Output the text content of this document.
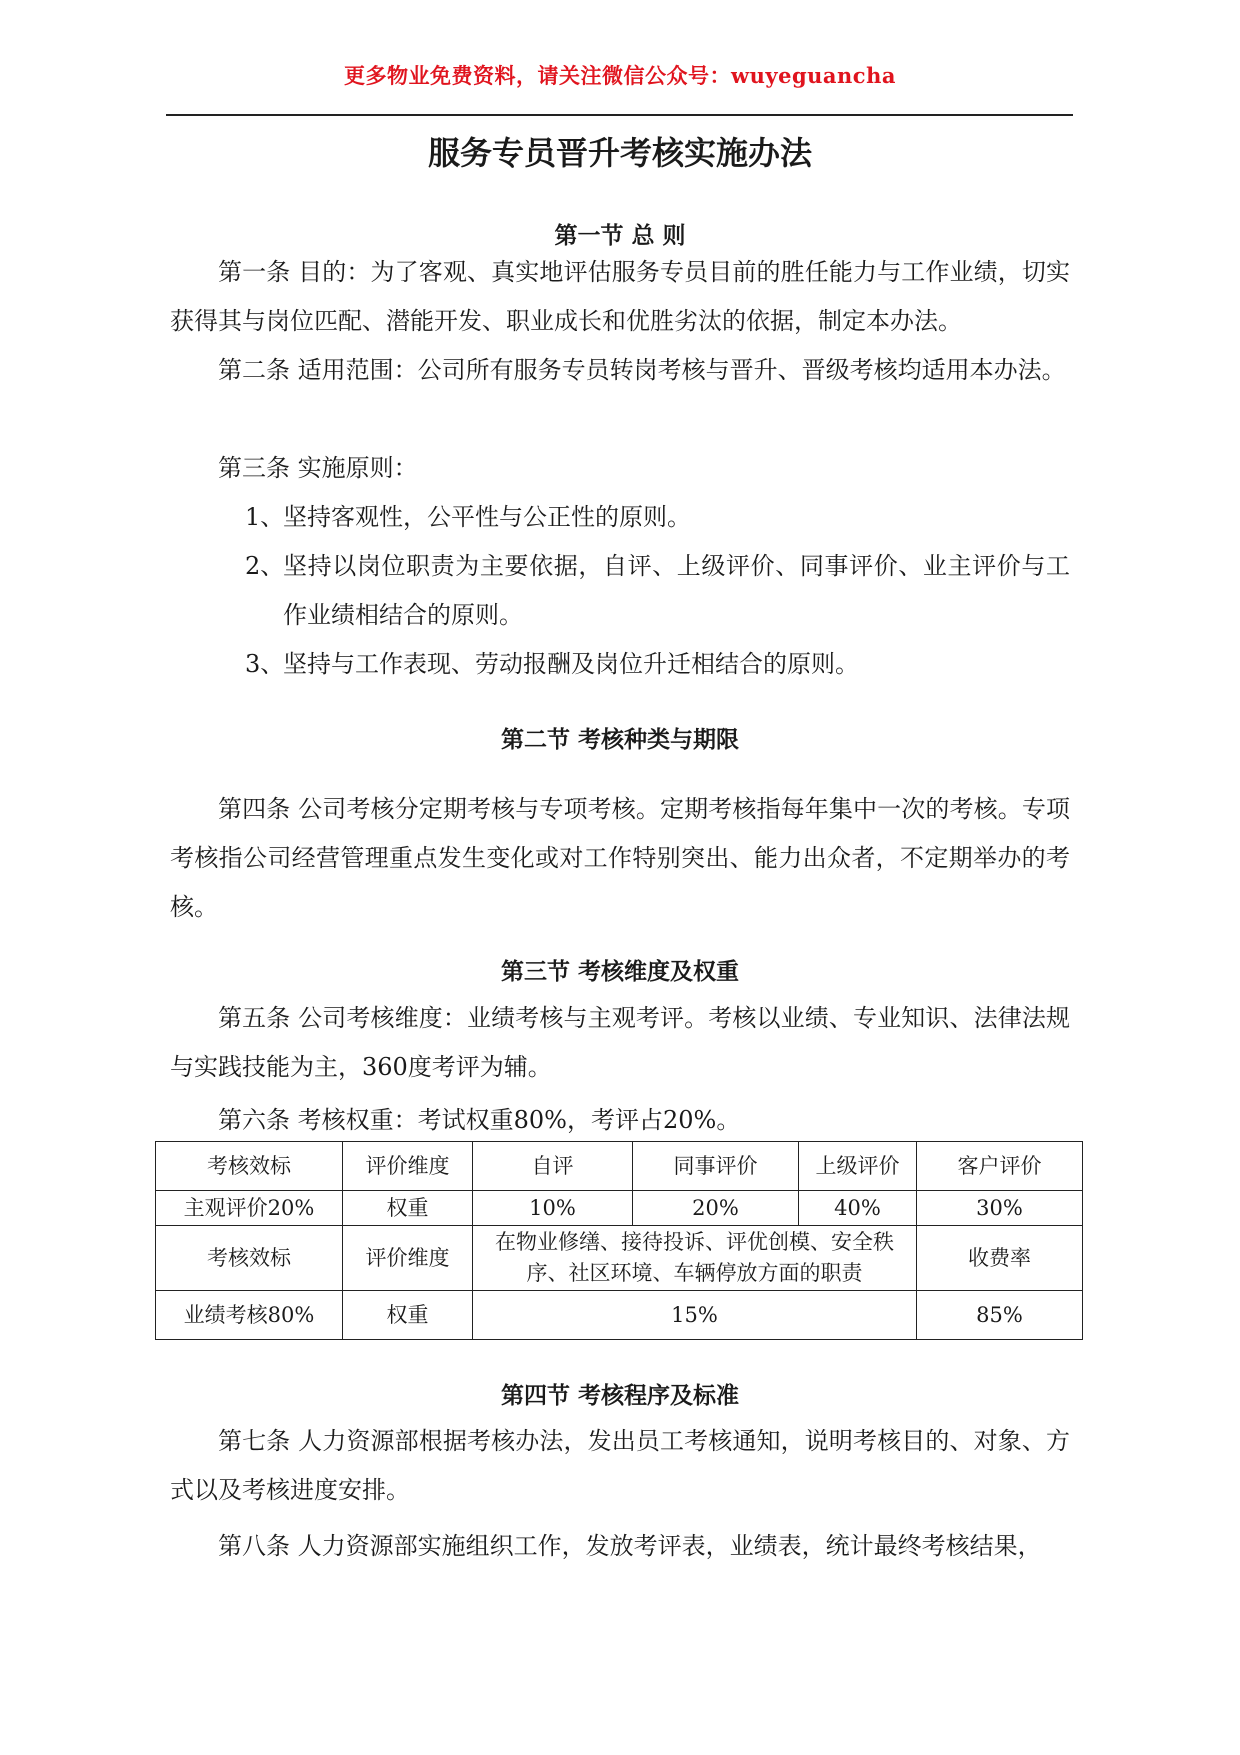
更多物业免费资料，请关注微信公众号：wuyeguancha
服务专员晋升考核实施办法
第一节 总 则
第一条 目的：为了客观、真实地评估服务专员目前的胜任能力与工作业绩，切实获得其与岗位匹配、潜能开发、职业成长和优胜劣汰的依据，制定本办法。
第二条 适用范围：公司所有服务专员转岗考核与晋升、晋级考核均适用本办法。
第三条 实施原则：
1、
坚持客观性，公平性与公正性的原则。
2、
坚持以岗位职责为主要依据，自评、上级评价、同事评价、业主评价与工作业绩相结合的原则。
3、
坚持与工作表现、劳动报酬及岗位升迁相结合的原则。
第二节 考核种类与期限
第四条 公司考核分定期考核与专项考核。定期考核指每年集中一次的考核。专项考核指公司经营管理重点发生变化或对工作特别突出、能力出众者，不定期举办的考核。
第三节 考核维度及权重
第五条 公司考核维度：业绩考核与主观考评。考核以业绩、专业知识、法律法规与实践技能为主，360度考评为辅。
第六条 考核权重：考试权重80%，考评占20%。
考核效标	评价维度	自评	同事评价	上级评价	客户评价
主观评价20%	权重	10%	20%	40%	30%
考核效标	评价维度	在物业修缮、接待投诉、评优创模、安全秩序、社区环境、车辆停放方面的职责			收费率
业绩考核80%	权重	15%			85%
第四节 考核程序及标准
第七条 人力资源部根据考核办法，发出员工考核通知，说明考核目的、对象、方式以及考核进度安排。
第八条 人力资源部实施组织工作，发放考评表，业绩表，统计最终考核结果，
